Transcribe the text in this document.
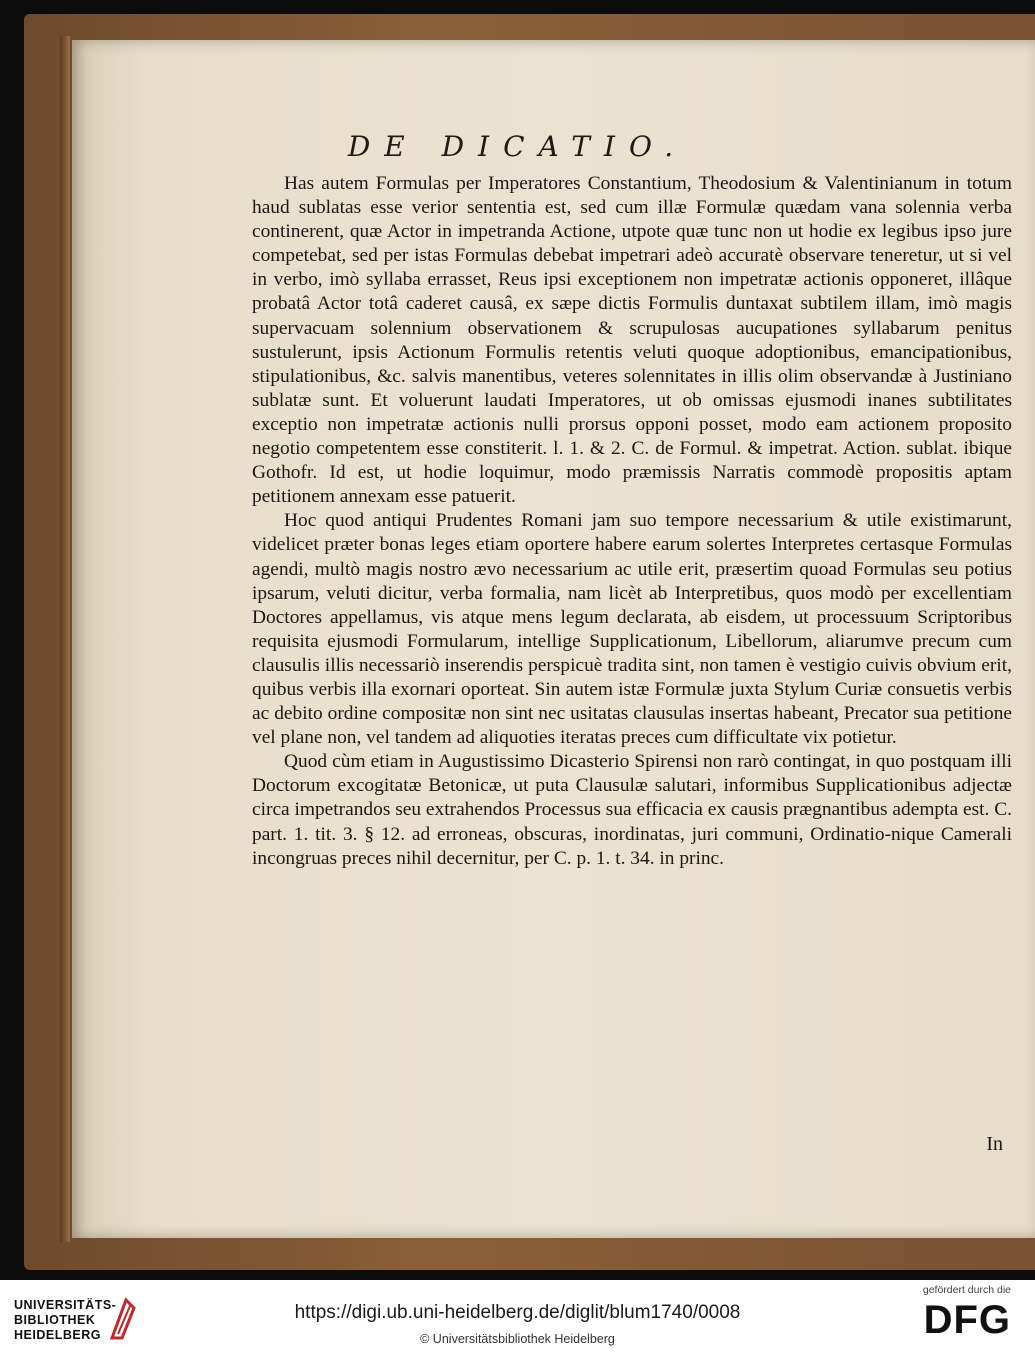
DE DICATIO.

Has autem Formulas per Imperatores Constantium, Theodosium & Valentinianum in totum haud sublatas esse verior sententia est, sed cum illæ Formulæ quædam vana solennia verba continerent, quæ Actor in impetranda Actione, utpote quæ tunc non ut hodie ex legibus ipso jure competebat, sed per istas Formulas debebat impetrari adeò accuratè observare teneretur, ut si vel in verbo, imò syllaba errasset, Reus ipsi exceptionem non impetratæ actionis opponeret, illâque probatâ Actor totâ caderet causâ, ex sæpe dictis Formulis duntaxat subtilem illam, imò magis supervacuam solennium observationem & scrupulosas aucupationes syllabarum penitus sustulerunt, ipsis Actionum Formulis retentis veluti quoque adoptionibus, emancipationibus, stipulationibus, &c. salvis manentibus, veteres solennitates in illis olim observandæ à Justiniano sublatæ sunt. Et voluerunt laudati Imperatores, ut ob omissas ejusmodi inanes subtilitates exceptio non impetratæ actionis nulli prorsus opponi posset, modo eam actionem proposito negotio competentem esse constiterit. l. 1. & 2. C. de Formul. & impetrat. Action. sublat. ibique Gothofr. Id est, ut hodie loquimur, modo præmissis Narratis commodè propositis aptam petitionem annexam esse patuerit.

Hoc quod antiqui Prudentes Romani jam suo tempore necessarium & utile existimarunt, videlicet præter bonas leges etiam oportere habere earum solertes Interpretes certasque Formulas agendi, multò magis nostro ævo necessarium ac utile erit, præsertim quoad Formulas seu potius ipsarum, veluti dicitur, verba formalia, nam licèt ab Interpretibus, quos modò per excellentiam Doctores appellamus, vis atque mens legum declarata, ab eisdem, ut processuum Scriptoribus requisita ejusmodi Formularum, intellige Supplicationum, Libellorum, aliarumve precum cum clausulis illis necessariò inserendis perspicuè tradita sint, non tamen è vestigio cuivis obvium erit, quibus verbis illa exornari oporteat. Sin autem istæ Formulæ juxta Stylum Curiæ consuetis verbis ac debito ordine compositæ non sint nec usitatas clausulas insertas habeant, Precator sua petitione vel plane non, vel tandem ad aliquoties iteratas preces cum difficultate vix potietur.

Quod cùm etiam in Augustissimo Dicasterio Spirensi non rarò contingat, in quo postquam illi Doctorum excogitatæ Betonicæ, ut puta Clausulæ salutari, informibus Supplicationibus adjectæ circa impetrandos seu extrahendos Processus sua efficacia ex causis prægnantibus adempta est. C. part. 1. tit. 3. § 12. ad erroneas, obscuras, inordinatas, juri communi, Ordinatio-nique Camerali incongruas preces nihil decernitur, per C. p. 1. t. 34. in princ.

In
UNIVERSITÄTS-
BIBLIOTHEK
HEIDELBERG
https://digi.ub.uni-heidelberg.de/diglit/blum1740/0008
© Universitätsbibliothek Heidelberg
gefördert durch die
DFG
